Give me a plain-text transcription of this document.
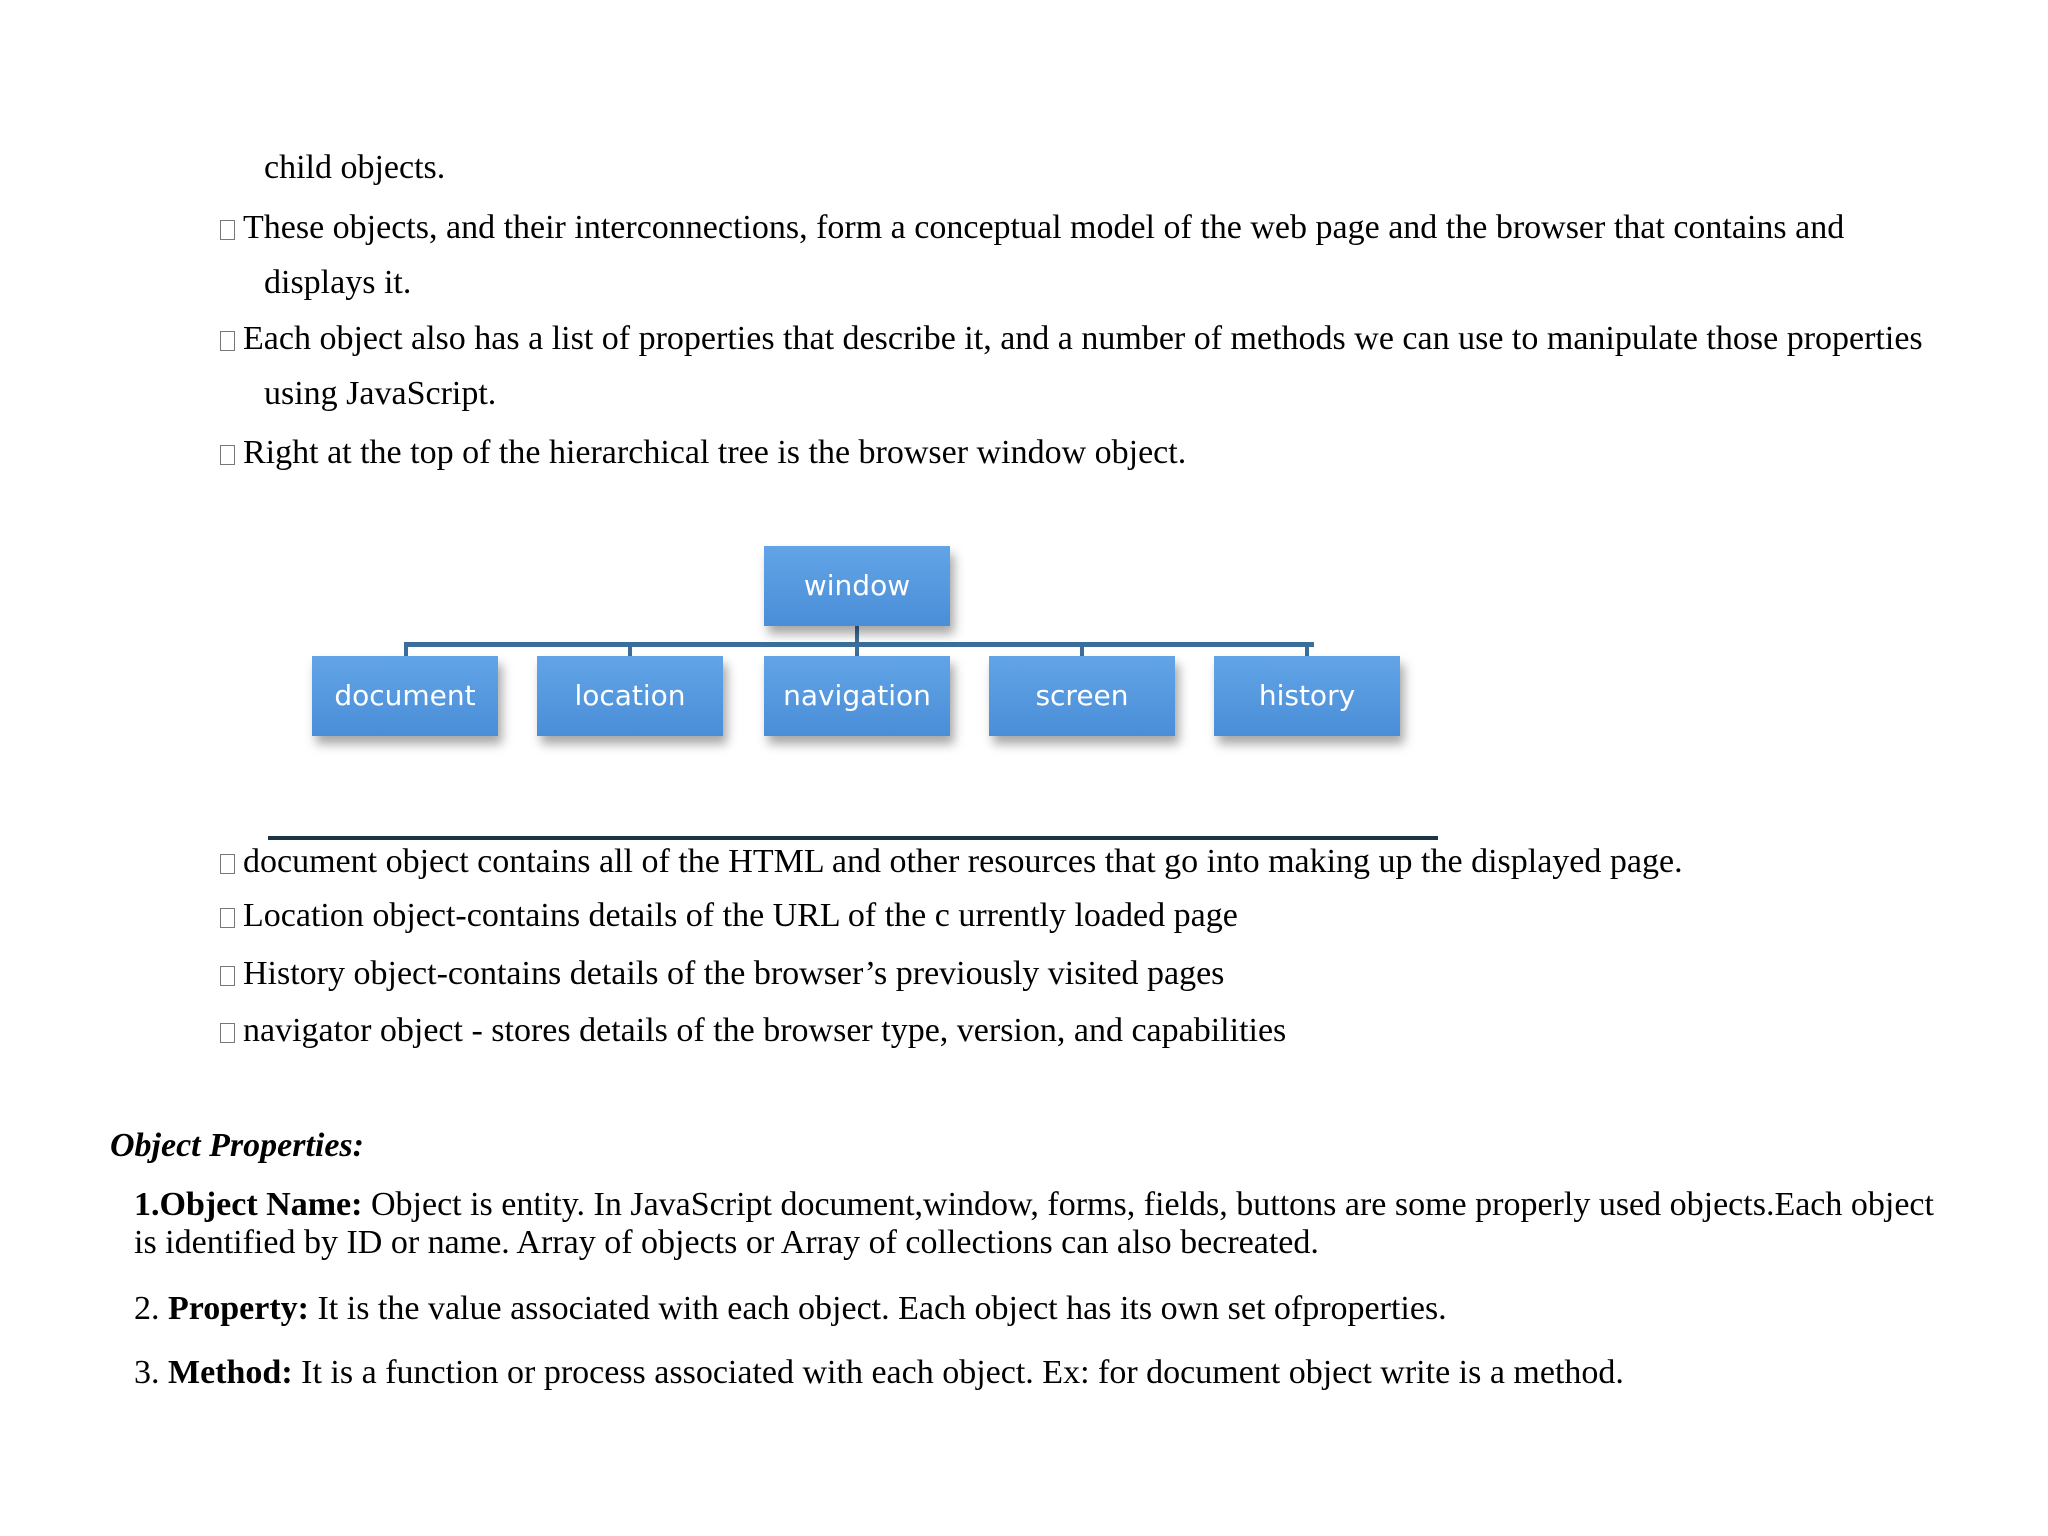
child objects.
These objects, and their interconnections, form a conceptual model of the web page and the browser that contains and
displays it.
Each object also has a list of properties that describe it, and a number of methods we can use to manipulate those properties
using JavaScript.
Right at the top of the hierarchical tree is the browser window object.
window
document	location	navigation	screen	history
document object contains all of the HTML and other resources that go into making up the displayed page.
Location object-contains details of the URL of the c urrently loaded page
History object-contains details of the browser’s previously visited pages
navigator object - stores details of the browser type, version, and capabilities
Object Properties:
1.Object Name: Object is entity. In JavaScript document,window, forms, fields, buttons are some properly used objects.Each object
is identified by ID or name. Array of objects or Array of collections can also becreated.
2. Property: It is the value associated with each object. Each object has its own set ofproperties.
3. Method: It is a function or process associated with each object. Ex: for document object write is a method.
